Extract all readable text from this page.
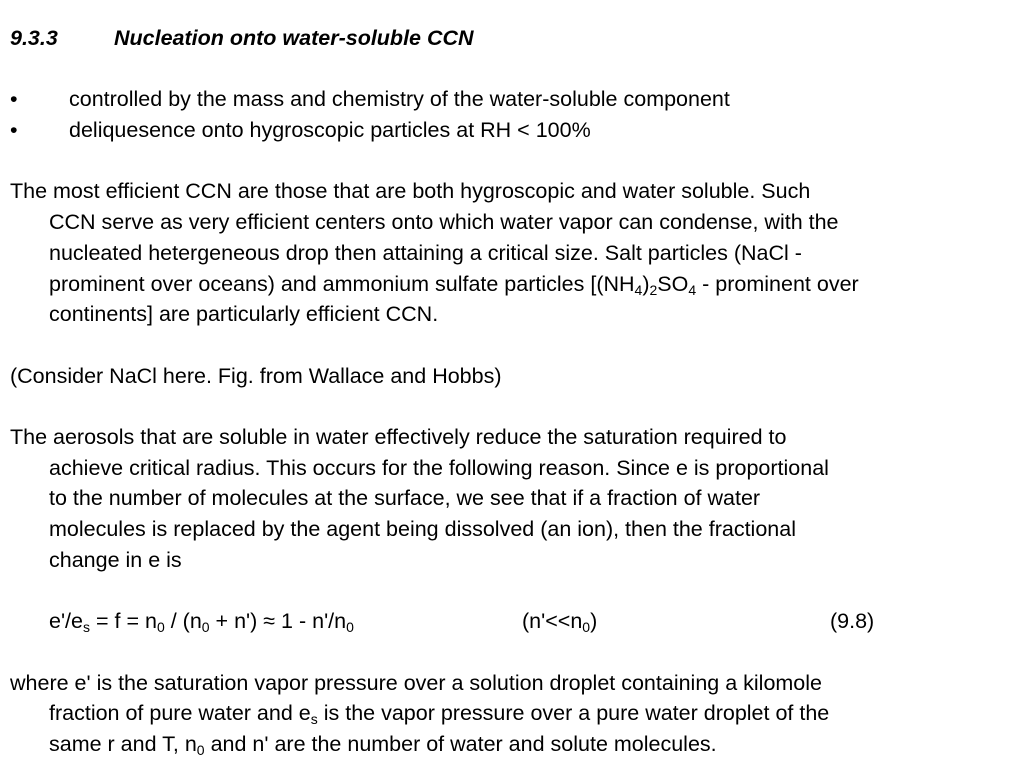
9.3.3	Nucleation onto water-soluble CCN
• controlled by the mass and chemistry of the water-soluble component
• deliquesence onto hygroscopic particles at RH < 100%
The most efficient CCN are those that are both hygroscopic and water soluble. Such
CCN serve as very efficient centers onto which water vapor can condense, with the
nucleated hetergeneous drop then attaining a critical size. Salt particles (NaCl -
prominent over oceans) and ammonium sulfate particles [$(NH_4)_2SO_4$ - prominent over
continents] are particularly efficient CCN.
(Consider NaCl here. Fig. from Wallace and Hobbs)
The aerosols that are soluble in water effectively reduce the saturation required to
achieve critical radius. This occurs for the following reason. Since e is proportional
to the number of molecules at the surface, we see that if a fraction of water
molecules is replaced by the agent being dissolved (an ion), then the fractional
change in e is
$e'/e_s = f = n_0 / (n_0 + n') \approx 1 - n'/n_0$	$(n'<<n_0)$	(9.8)
where e' is the saturation vapor pressure over a solution droplet containing a kilomole
fraction of pure water and $e_s$ is the vapor pressure over a pure water droplet of the
same r and T, $n_0$ and n' are the number of water and solute molecules.
